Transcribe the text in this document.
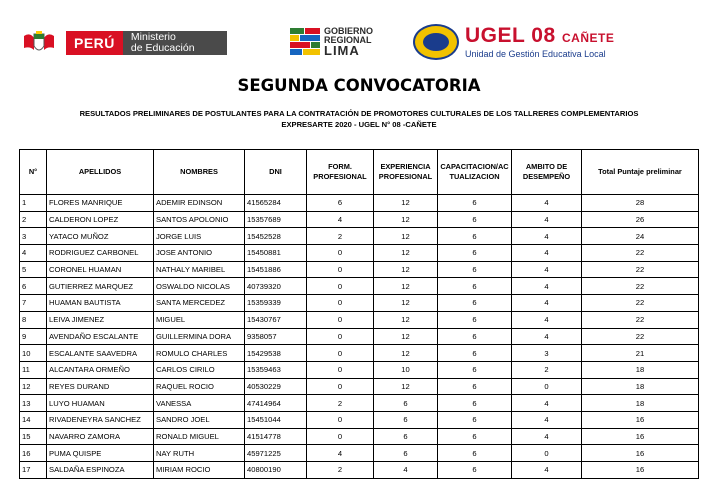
PERÚ	Ministerio
de Educación
GOBIERNO
REGIONAL
LIMA
UGEL 08 CAÑETE
Unidad de Gestión Educativa Local
SEGUNDA CONVOCATORIA
RESULTADOS PRELIMINARES DE POSTULANTES PARA LA CONTRATACIÓN DE PROMOTORES CULTURALES DE LOS TALLRERES COMPLEMENTARIOS
EXPRESARTE 2020 - UGEL N° 08 -CAÑETE
N°	APELLIDOS	NOMBRES	DNI	FORM. PROFESIONAL	EXPERIENCIA PROFESIONAL	CAPACITACION/ACTUALIZACION	AMBITO DE DESEMPEÑO	Total Puntaje preliminar
1	FLORES MANRIQUE	ADEMIR EDINSON	41565284	6	12	6	4	28
2	CALDERON LOPEZ	SANTOS APOLONIO	15357689	4	12	6	4	26
3	YATACO MUÑOZ	JORGE LUIS	15452528	2	12	6	4	24
4	RODRIGUEZ CARBONEL	JOSE ANTONIO	15450881	0	12	6	4	22
5	CORONEL HUAMAN	NATHALY MARIBEL	15451886	0	12	6	4	22
6	GUTIERREZ MARQUEZ	OSWALDO NICOLAS	40739320	0	12	6	4	22
7	HUAMAN BAUTISTA	SANTA MERCEDEZ	15359339	0	12	6	4	22
8	LEIVA JIMENEZ	MIGUEL	15430767	0	12	6	4	22
9	AVENDAÑO ESCALANTE	GUILLERMINA DORA	9358057	0	12	6	4	22
10	ESCALANTE SAAVEDRA	ROMULO CHARLES	15429538	0	12	6	3	21
11	ALCANTARA ORMEÑO	CARLOS CIRILO	15359463	0	10	6	2	18
12	REYES DURAND	RAQUEL ROCIO	40530229	0	12	6	0	18
13	LUYO HUAMAN	VANESSA	47414964	2	6	6	4	18
14	RIVADENEYRA SANCHEZ	SANDRO JOEL	15451044	0	6	6	4	16
15	NAVARRO ZAMORA	RONALD MIGUEL	41514778	0	6	6	4	16
16	PUMA QUISPE	NAY RUTH	45971225	4	6	6	0	16
17	SALDAÑA ESPINOZA	MIRIAM ROCIO	40800190	2	4	6	4	16
